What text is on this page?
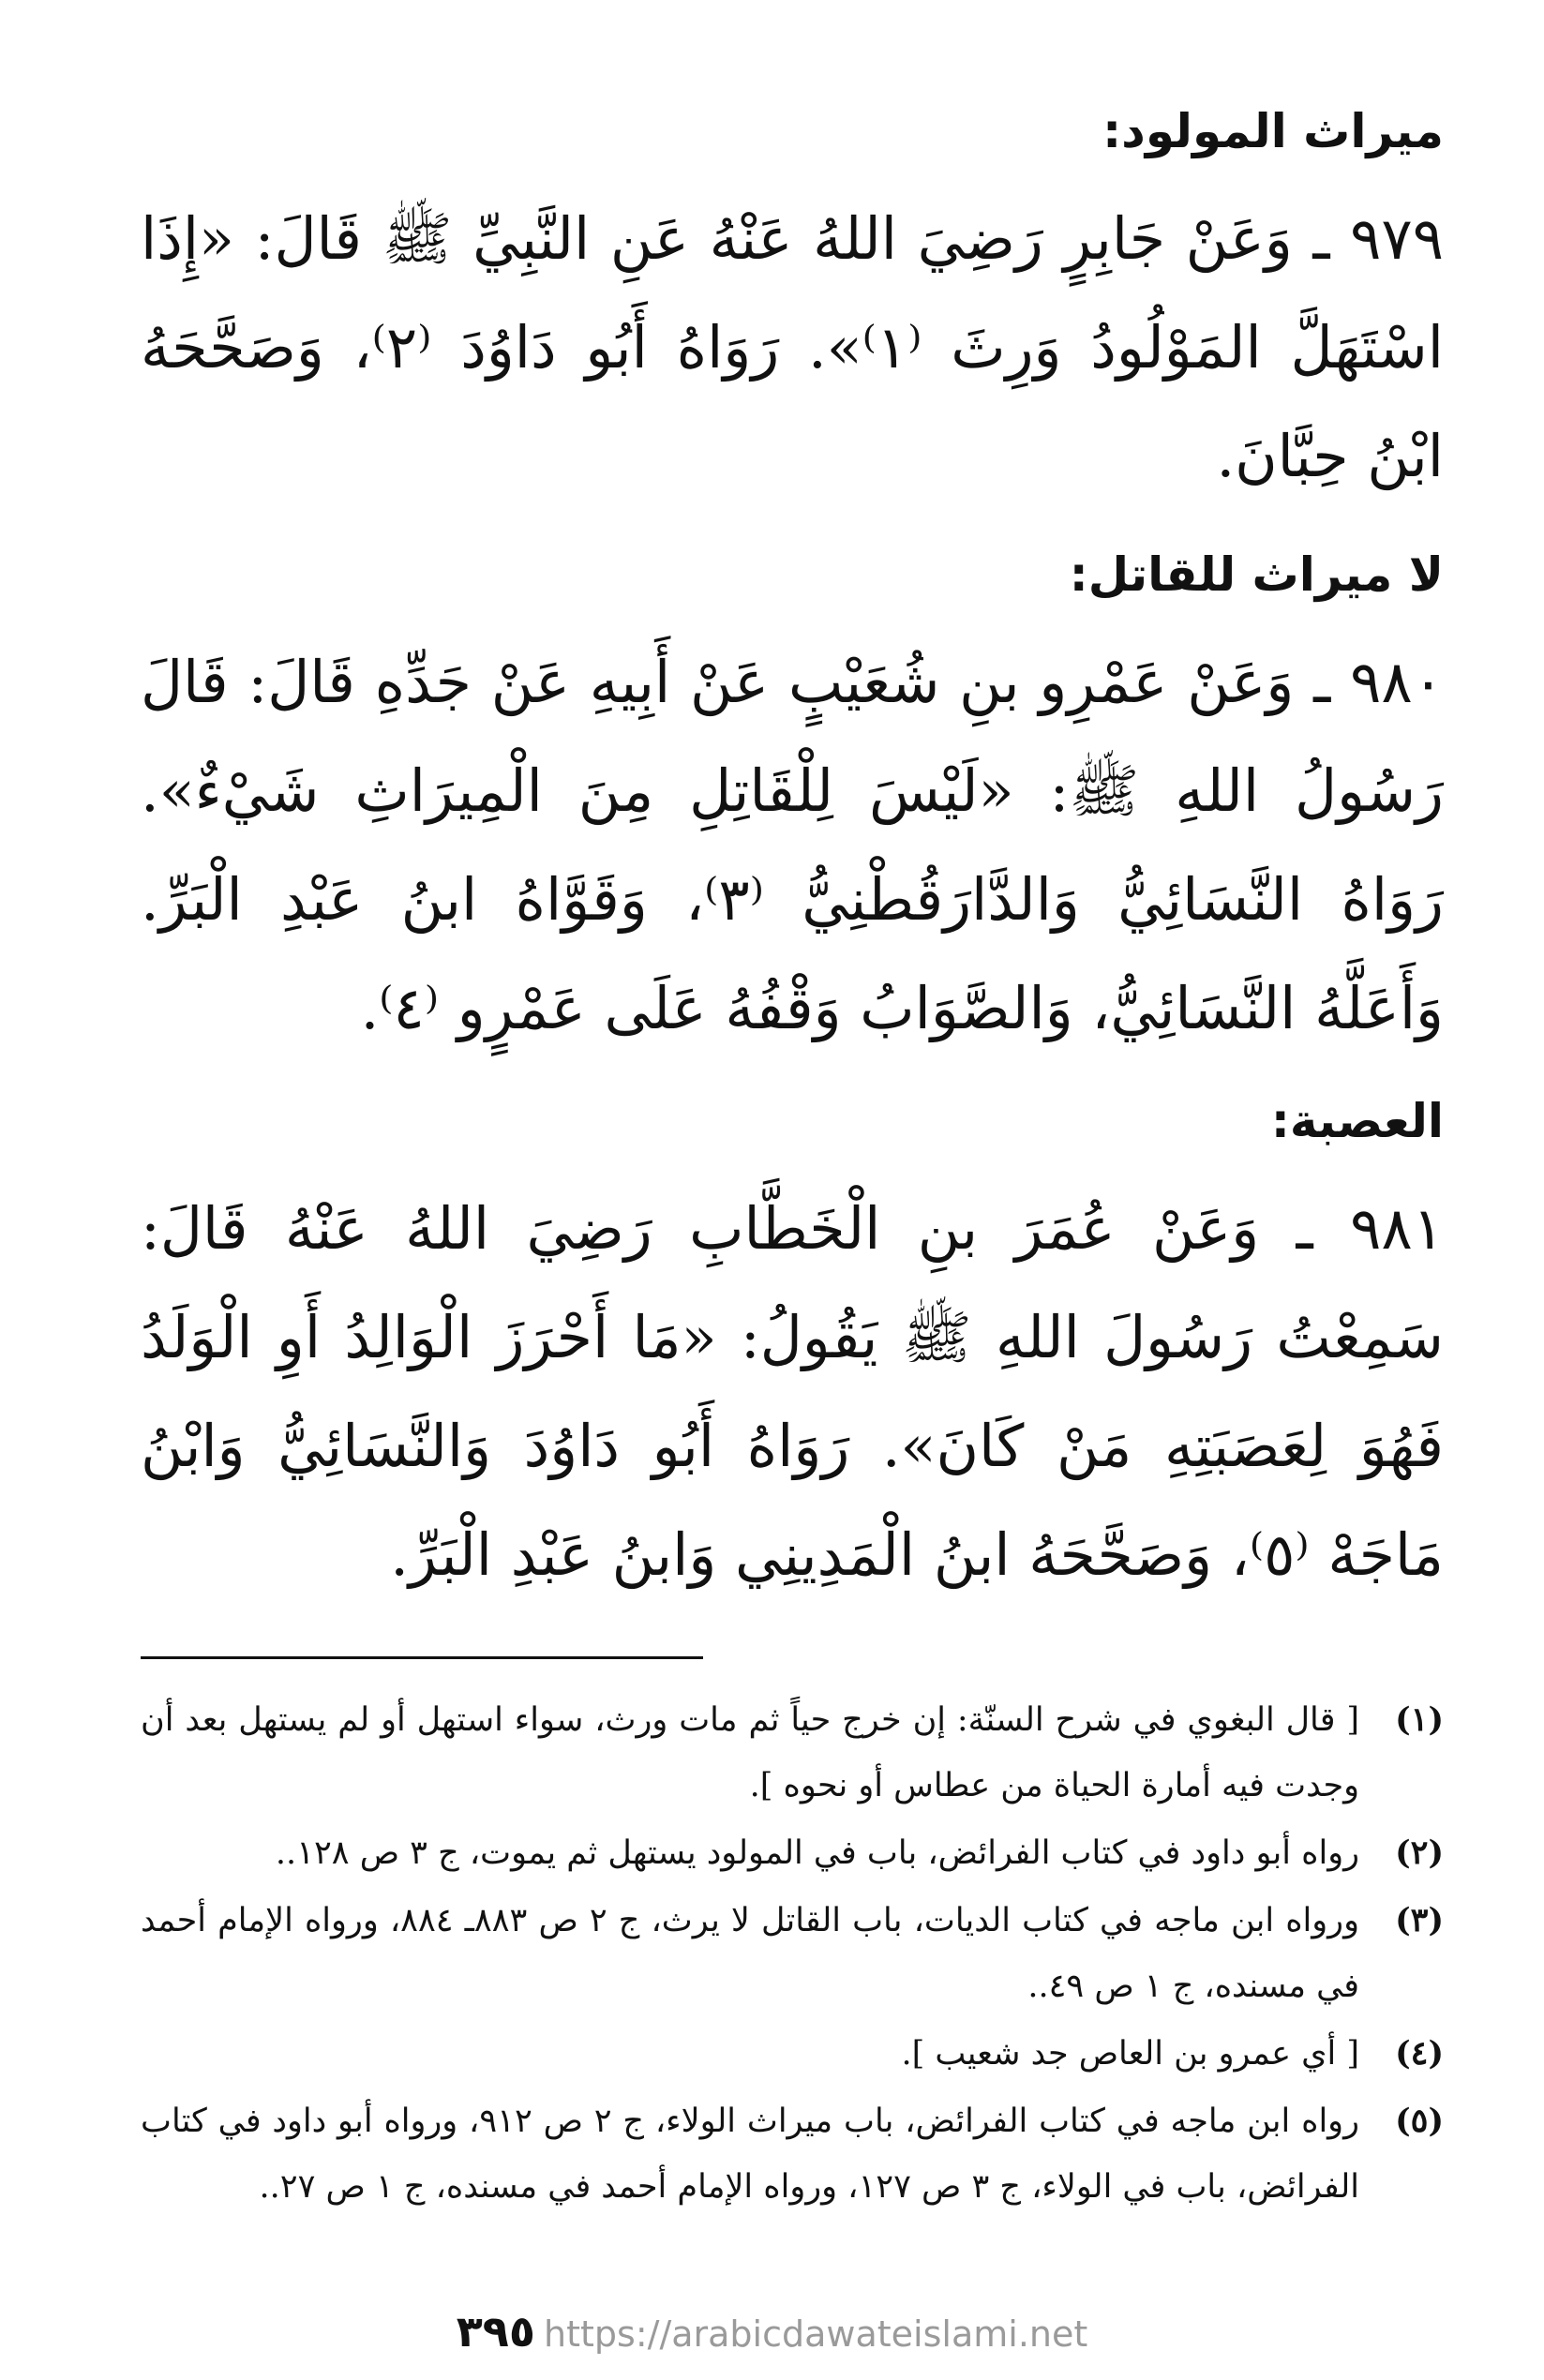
ميراث المولود:

٩٧٩ ـ وَعَنْ جَابِرٍ رَضِيَ اللهُ عَنْهُ عَنِ النَّبِيِّ ﷺ قَالَ: «إِذَا اسْتَهَلَّ المَوْلُودُ وَرِثَ ⁽١⁾». رَوَاهُ أَبُو دَاوُدَ ⁽٢⁾، وَصَحَّحَهُ ابْنُ حِبَّانَ.

لا ميراث للقاتل:

٩٨٠ ـ وَعَنْ عَمْرِو بنِ شُعَيْبٍ عَنْ أَبِيهِ عَنْ جَدِّهِ قَالَ: قَالَ رَسُولُ اللهِ ﷺ: «لَيْسَ لِلْقَاتِلِ مِنَ الْمِيرَاثِ شَيْءٌ». رَوَاهُ النَّسَائِيُّ وَالدَّارَقُطْنِيُّ ⁽٣⁾، وَقَوَّاهُ ابنُ عَبْدِ الْبَرِّ. وَأَعَلَّهُ النَّسَائِيُّ، وَالصَّوَابُ وَقْفُهُ عَلَى عَمْرٍو ⁽٤⁾.

العصبة:

٩٨١ ـ وَعَنْ عُمَرَ بنِ الْخَطَّابِ رَضِيَ اللهُ عَنْهُ قَالَ: سَمِعْتُ رَسُولَ اللهِ ﷺ يَقُولُ: «مَا أَحْرَزَ الْوَالِدُ أَوِ الْوَلَدُ فَهُوَ لِعَصَبَتِهِ مَنْ كَانَ». رَوَاهُ أَبُو دَاوُدَ وَالنَّسَائِيُّ وَابْنُ مَاجَهْ ⁽٥⁾، وَصَحَّحَهُ ابنُ الْمَدِينِي وَابنُ عَبْدِ الْبَرِّ.

(١)
[ قال البغوي في شرح السنّة: إن خرج حياً ثم مات ورث، سواء استهل أو لم يستهل بعد أن وجدت فيه أمارة الحياة من عطاس أو نحوه ].
(٢)
رواه أبو داود في كتاب الفرائض، باب في المولود يستهل ثم يموت، ج ٣ ص ١٢٨..
(٣)
ورواه ابن ماجه في كتاب الديات، باب القاتل لا يرث، ج ٢ ص ٨٨٣ـ ٨٨٤، ورواه الإمام أحمد في مسنده، ج ١ ص ٤٩..
(٤)
[ أي عمرو بن العاص جد شعيب ].
(٥)
رواه ابن ماجه في كتاب الفرائض، باب ميراث الولاء، ج ٢ ص ٩١٢، ورواه أبو داود في كتاب الفرائض، باب في الولاء، ج ٣ ص ١٢٧، ورواه الإمام أحمد في مسنده، ج ١ ص ٢٧..
٣٩٥ https://arabicdawateislami.net
